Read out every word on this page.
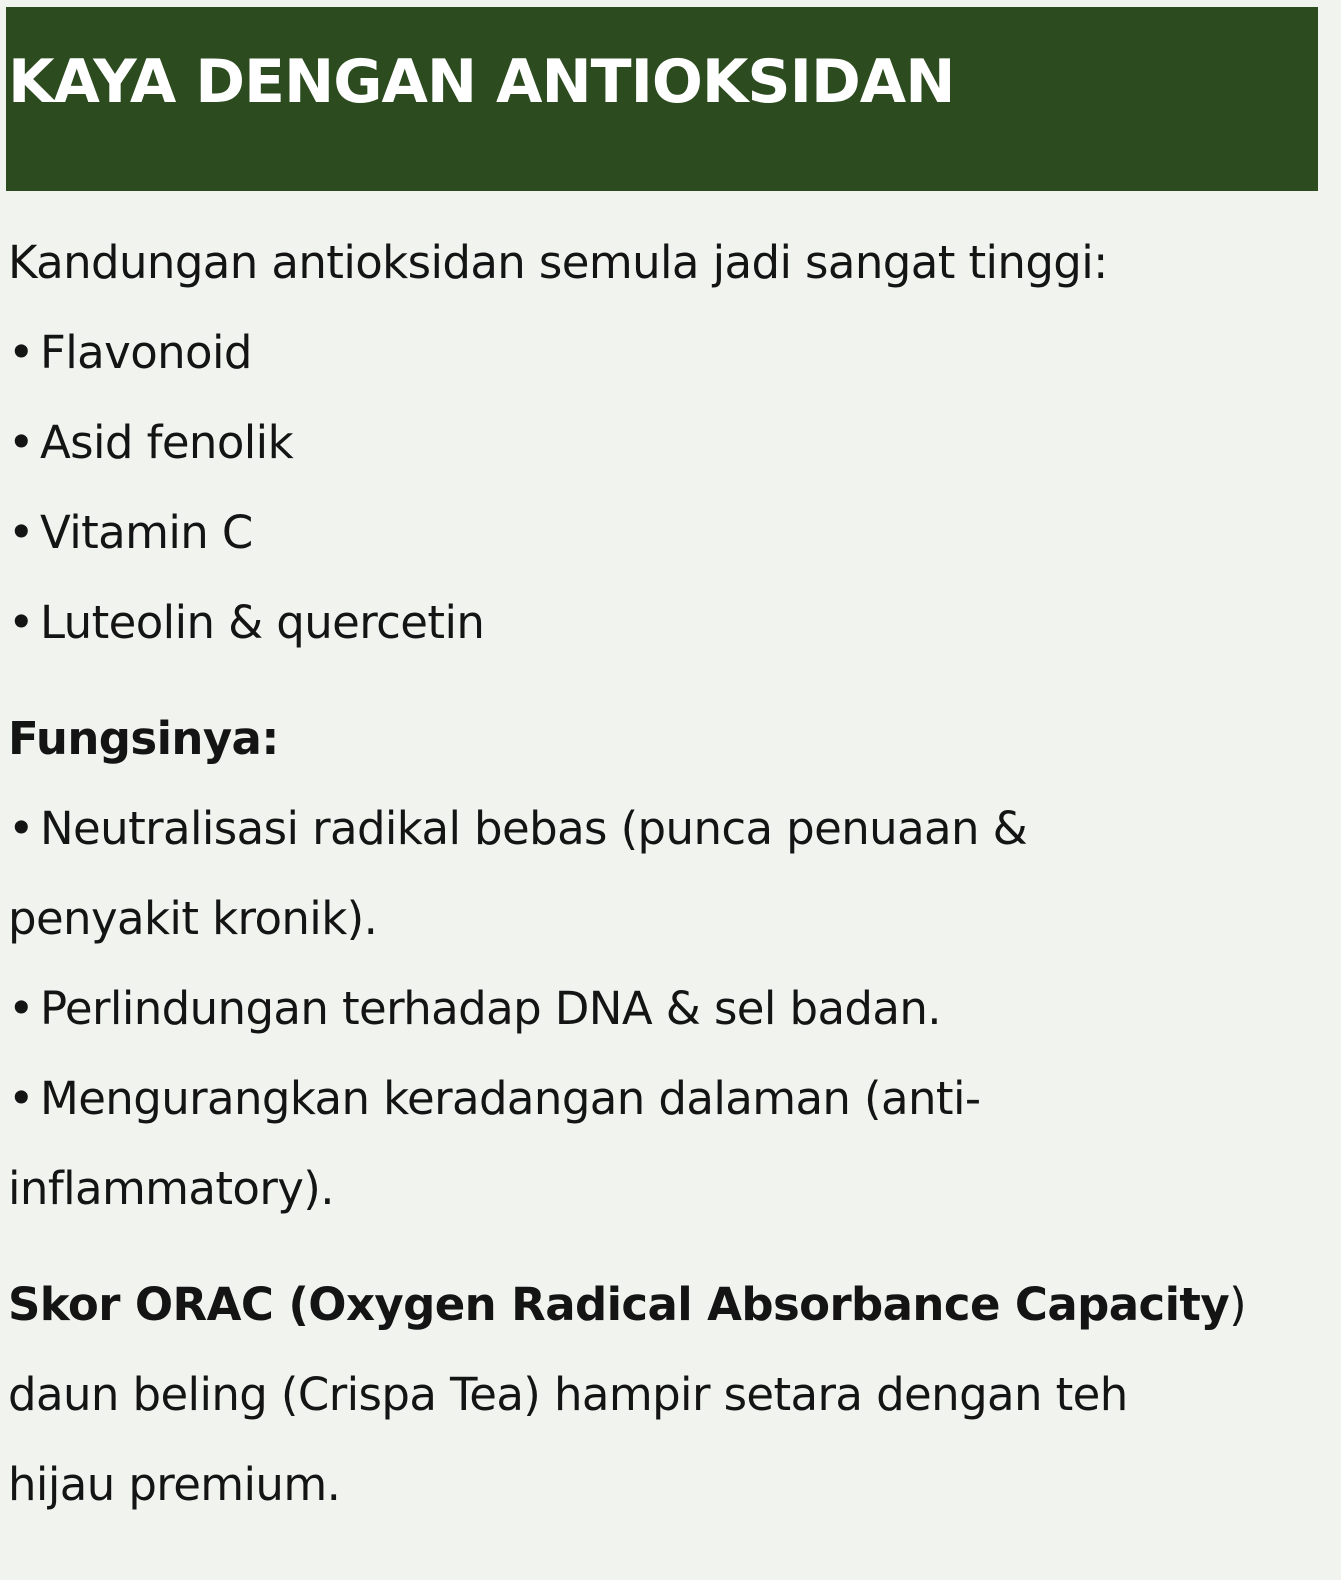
KAYA DENGAN ANTIOKSIDAN

Kandungan antioksidan semula jadi sangat tinggi:

• Flavonoid

• Asid fenolik

• Vitamin C

• Luteolin & quercetin

Fungsinya:

• Neutralisasi radikal bebas (punca penuaan &

penyakit kronik).

• Perlindungan terhadap DNA & sel badan.

• Mengurangkan keradangan dalaman (anti-

inflammatory).

Skor ORAC (Oxygen Radical Absorbance Capacity)

daun beling (Crispa Tea) hampir setara dengan teh

hijau premium.
